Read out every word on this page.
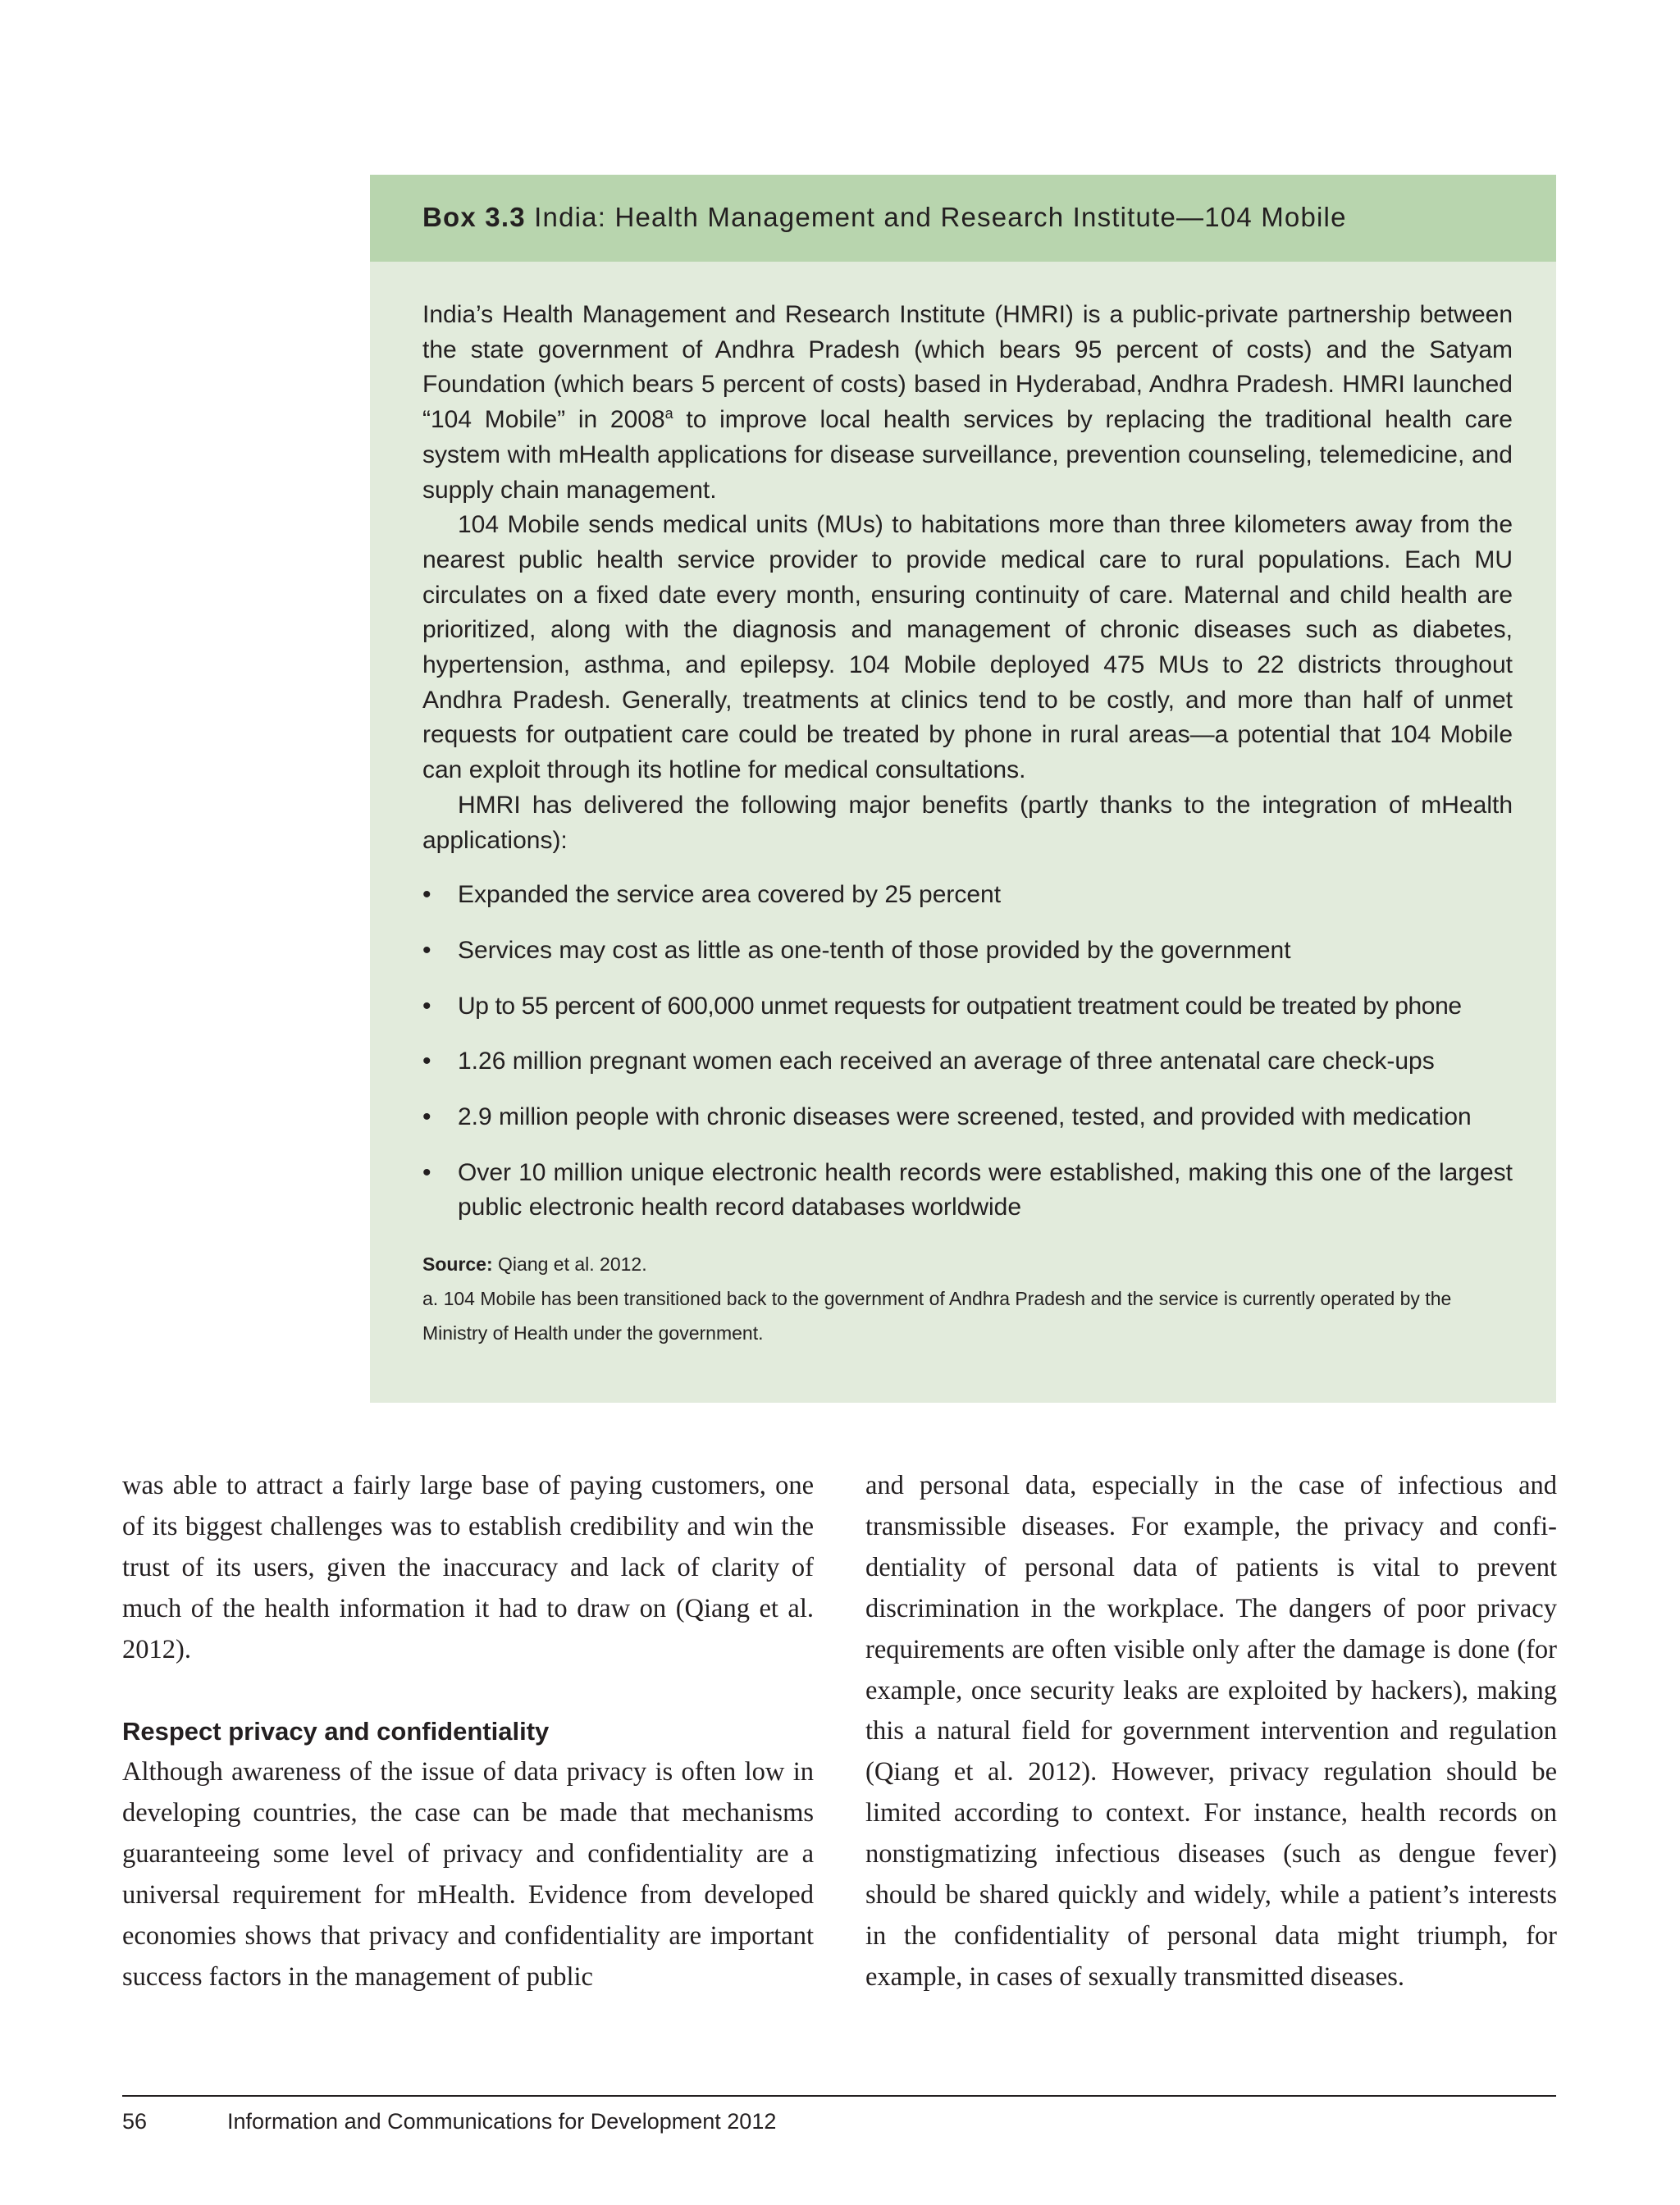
Box 3.3 India: Health Management and Research Institute—104 Mobile

India’s Health Management and Research Institute (HMRI) is a public-private partnership between the state government of Andhra Pradesh (which bears 95 percent of costs) and the Satyam Foundation (which bears 5 percent of costs) based in Hyderabad, Andhra Pradesh. HMRI launched “104 Mobile” in 2008$^a$ to improve local health services by replacing the traditional health care system with mHealth applications for disease surveillance, prevention counseling, telemedicine, and supply chain management.

104 Mobile sends medical units (MUs) to habitations more than three kilometers away from the nearest public health service provider to provide medical care to rural populations. Each MU circulates on a fixed date every month, ensuring continuity of care. Maternal and child health are prioritized, along with the diagnosis and management of chronic diseases such as diabetes, hypertension, asthma, and epilepsy. 104 Mobile deployed 475 MUs to 22 districts throughout Andhra Pradesh. Generally, treatments at clinics tend to be costly, and more than half of unmet requests for outpatient care could be treated by phone in rural areas—a potential that 104 Mobile can exploit through its hotline for medical consultations.

HMRI has delivered the following major benefits (partly thanks to the integration of mHealth applications):

• Expanded the service area covered by 25 percent
• Services may cost as little as one-tenth of those provided by the government
• Up to 55 percent of 600,000 unmet requests for outpatient treatment could be treated by phone
• 1.26 million pregnant women each received an average of three antenatal care check-ups
• 2.9 million people with chronic diseases were screened, tested, and provided with medication
• Over 10 million unique electronic health records were established, making this one of the largest public electronic health record databases worldwide
Source: Qiang et al. 2012.
a. 104 Mobile has been transitioned back to the government of Andhra Pradesh and the service is currently operated by the Ministry of Health under the government.

was able to attract a fairly large base of paying customers, one of its biggest challenges was to establish credibility and win the trust of its users, given the inaccuracy and lack of clarity of much of the health information it had to draw on (Qiang et al. 2012).

Respect privacy and confidentiality

Although awareness of the issue of data privacy is often low in developing countries, the case can be made that mechanisms guaranteeing some level of privacy and confidentiality are a universal requirement for mHealth. Evidence from developed economies shows that privacy and confidentiality are important success factors in the management of public

and personal data, especially in the case of infectious and transmissible diseases. For example, the privacy and confidentiality of personal data of patients is vital to prevent discrimination in the workplace. The dangers of poor privacy requirements are often visible only after the damage is done (for example, once security leaks are exploited by hackers), making this a natural field for government intervention and regulation (Qiang et al. 2012). However, privacy regulation should be limited according to context. For instance, health records on nonstigmatizing infectious diseases (such as dengue fever) should be shared quickly and widely, while a patient’s interests in the confidentiality of personal data might triumph, for example, in cases of sexually transmitted diseases.

56	Information and Communications for Development 2012
